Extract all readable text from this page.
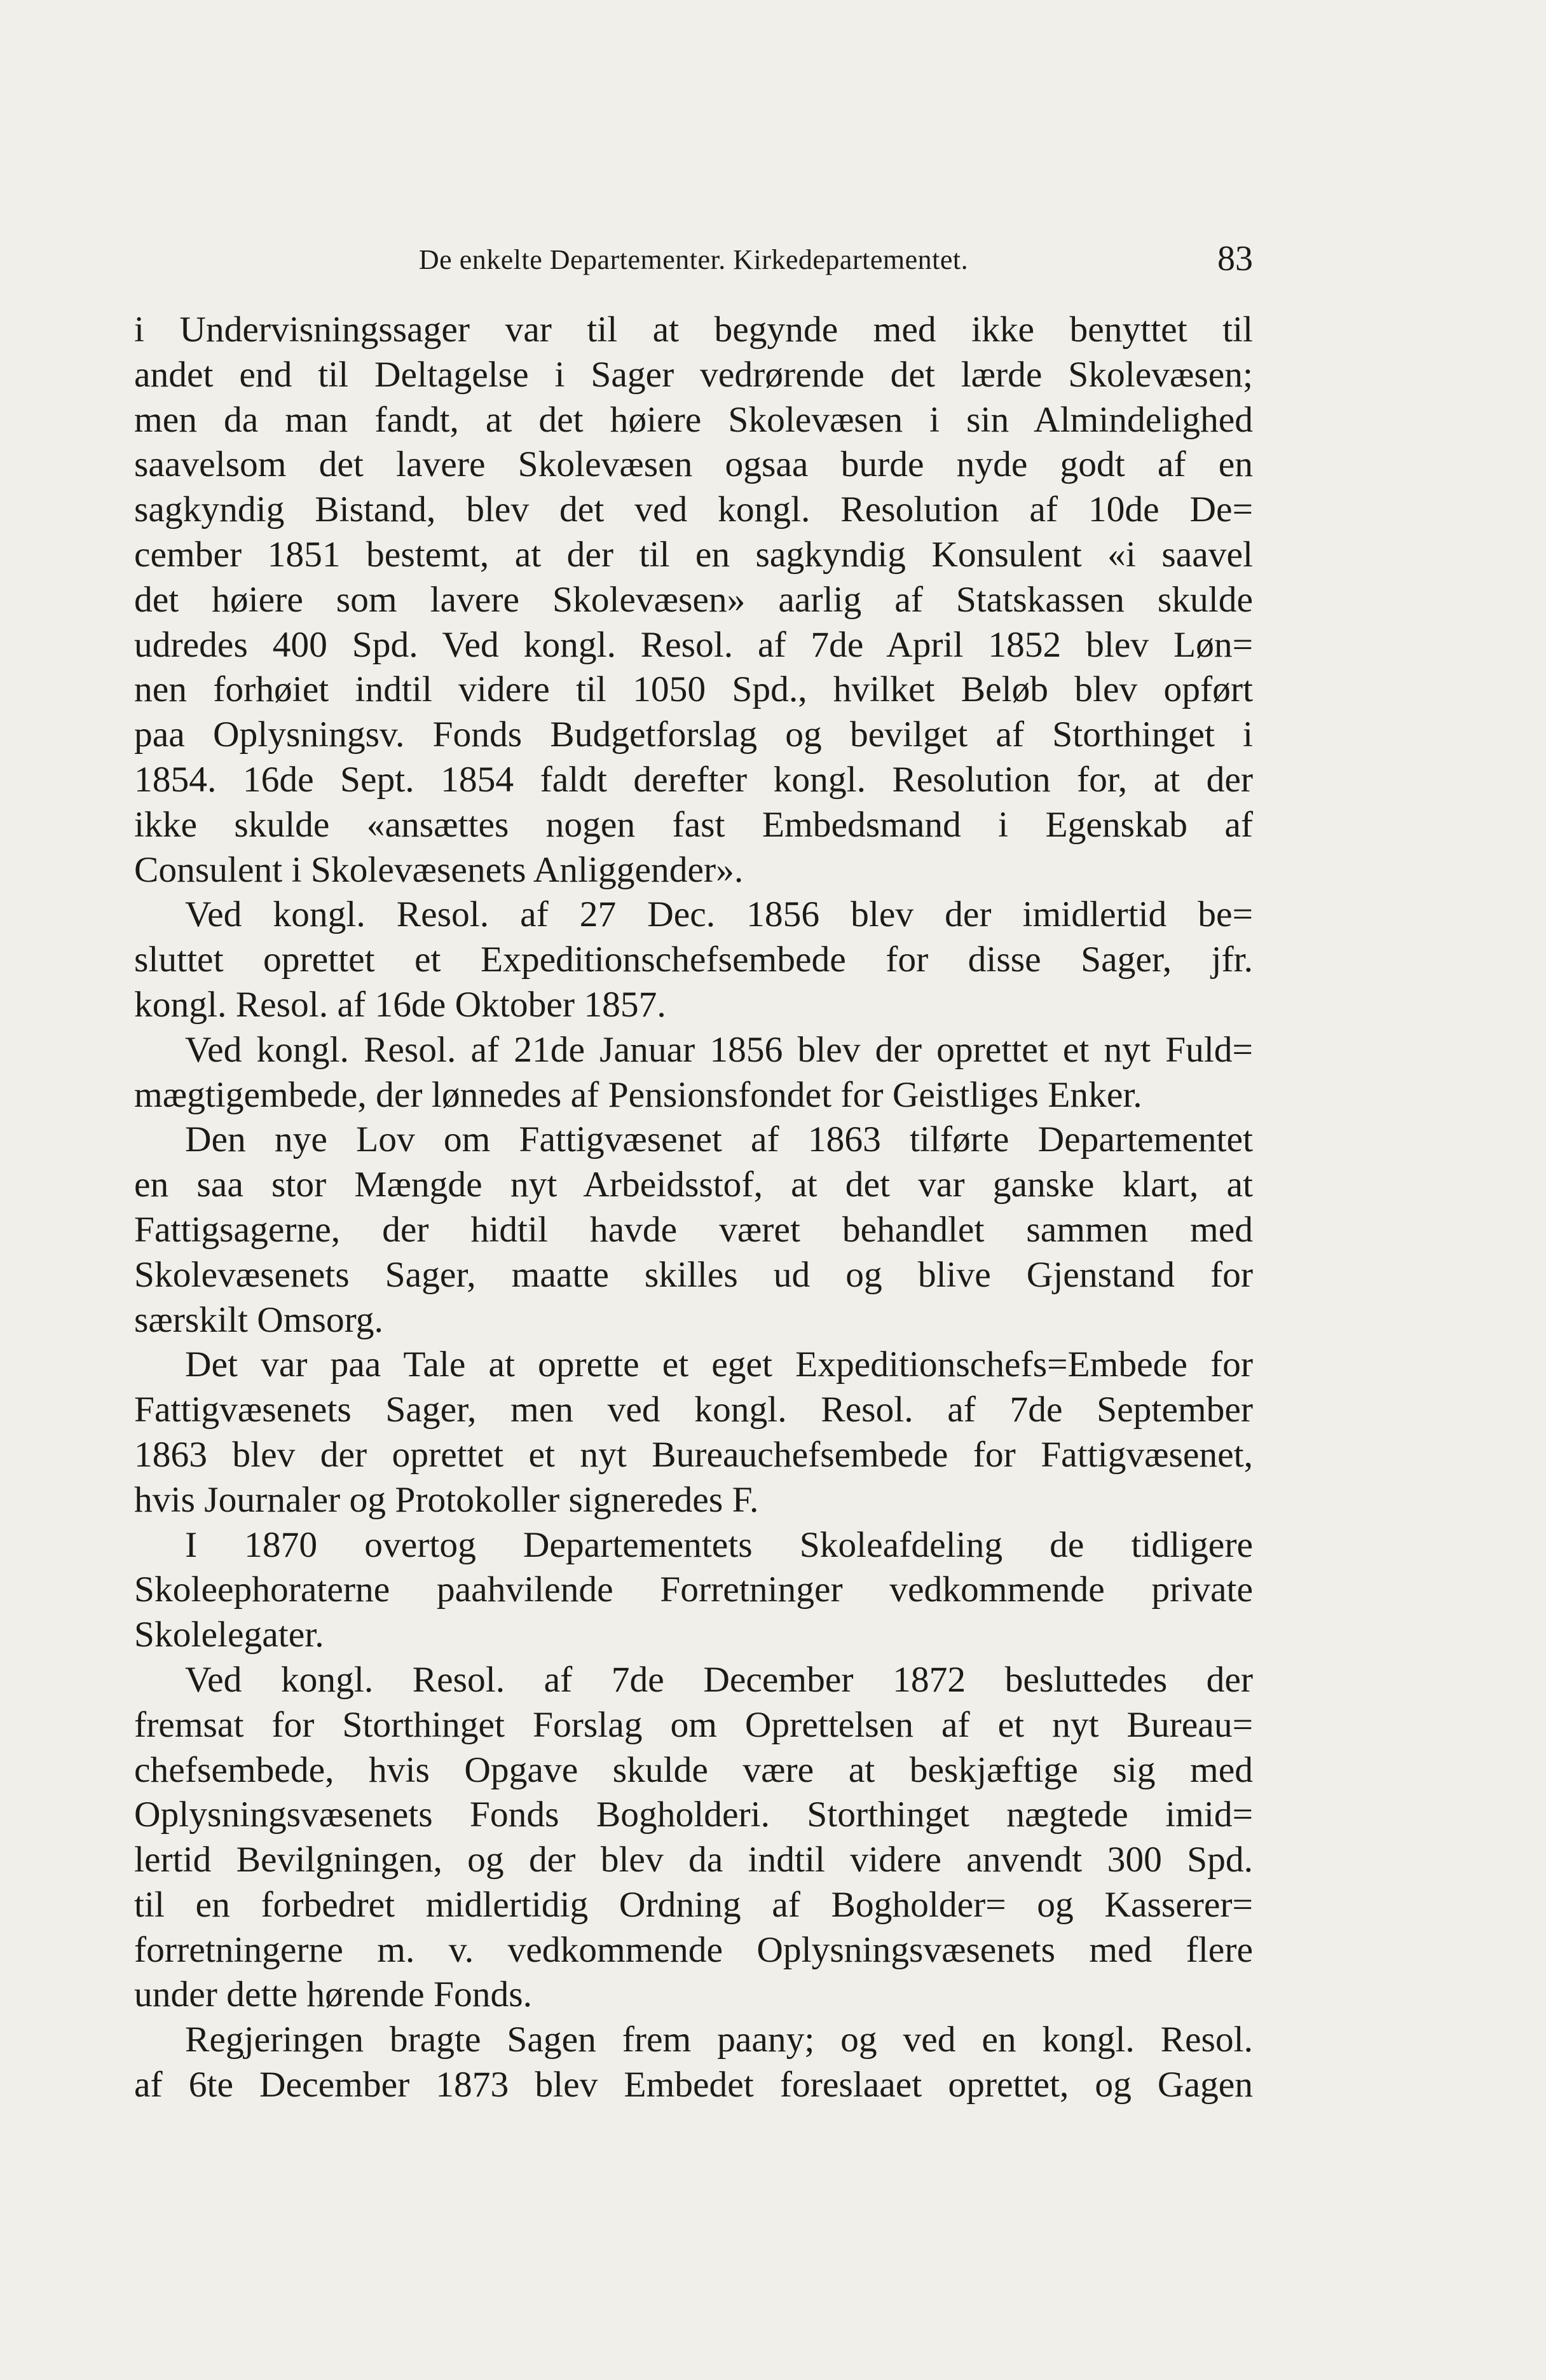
De enkelte Departementer. Kirkedepartementet.	83
i Undervisningssager var til at begynde med ikke benyttet til
andet end til Deltagelse i Sager vedrørende det lærde Skolevæsen;
men da man fandt, at det høiere Skolevæsen i sin Almindelighed
saavelsom det lavere Skolevæsen ogsaa burde nyde godt af en
sagkyndig Bistand, blev det ved kongl. Resolution af 10de De=
cember 1851 bestemt, at der til en sagkyndig Konsulent «i saavel
det høiere som lavere Skolevæsen» aarlig af Statskassen skulde
udredes 400 Spd. Ved kongl. Resol. af 7de April 1852 blev Løn=
nen forhøiet indtil videre til 1050 Spd., hvilket Beløb blev opført
paa Oplysningsv. Fonds Budgetforslag og bevilget af Storthinget i
1854. 16de Sept. 1854 faldt derefter kongl. Resolution for, at der
ikke skulde «ansættes nogen fast Embedsmand i Egenskab af
Consulent i Skolevæsenets Anliggender».
Ved kongl. Resol. af 27 Dec. 1856 blev der imidlertid be=
sluttet oprettet et Expeditionschefsembede for disse Sager, jfr.
kongl. Resol. af 16de Oktober 1857.
Ved kongl. Resol. af 21de Januar 1856 blev der oprettet et nyt Fuld=
mægtigembede, der lønnedes af Pensionsfondet for Geistliges Enker.
Den nye Lov om Fattigvæsenet af 1863 tilførte Departementet
en saa stor Mængde nyt Arbeidsstof, at det var ganske klart, at
Fattigsagerne, der hidtil havde været behandlet sammen med
Skolevæsenets Sager, maatte skilles ud og blive Gjenstand for
særskilt Omsorg.
Det var paa Tale at oprette et eget Expeditionschefs=Embede for
Fattigvæsenets Sager, men ved kongl. Resol. af 7de September
1863 blev der oprettet et nyt Bureauchefsembede for Fattigvæsenet,
hvis Journaler og Protokoller signeredes F.
I 1870 overtog Departementets Skoleafdeling de tidligere
Skoleephoraterne paahvilende Forretninger vedkommende private
Skolelegater.
Ved kongl. Resol. af 7de December 1872 besluttedes der
fremsat for Storthinget Forslag om Oprettelsen af et nyt Bureau=
chefsembede, hvis Opgave skulde være at beskjæftige sig med
Oplysningsvæsenets Fonds Bogholderi. Storthinget nægtede imid=
lertid Bevilgningen, og der blev da indtil videre anvendt 300 Spd.
til en forbedret midlertidig Ordning af Bogholder= og Kasserer=
forretningerne m. v. vedkommende Oplysningsvæsenets med flere
under dette hørende Fonds.
Regjeringen bragte Sagen frem paany; og ved en kongl. Resol.
af 6te December 1873 blev Embedet foreslaaet oprettet, og Gagen
